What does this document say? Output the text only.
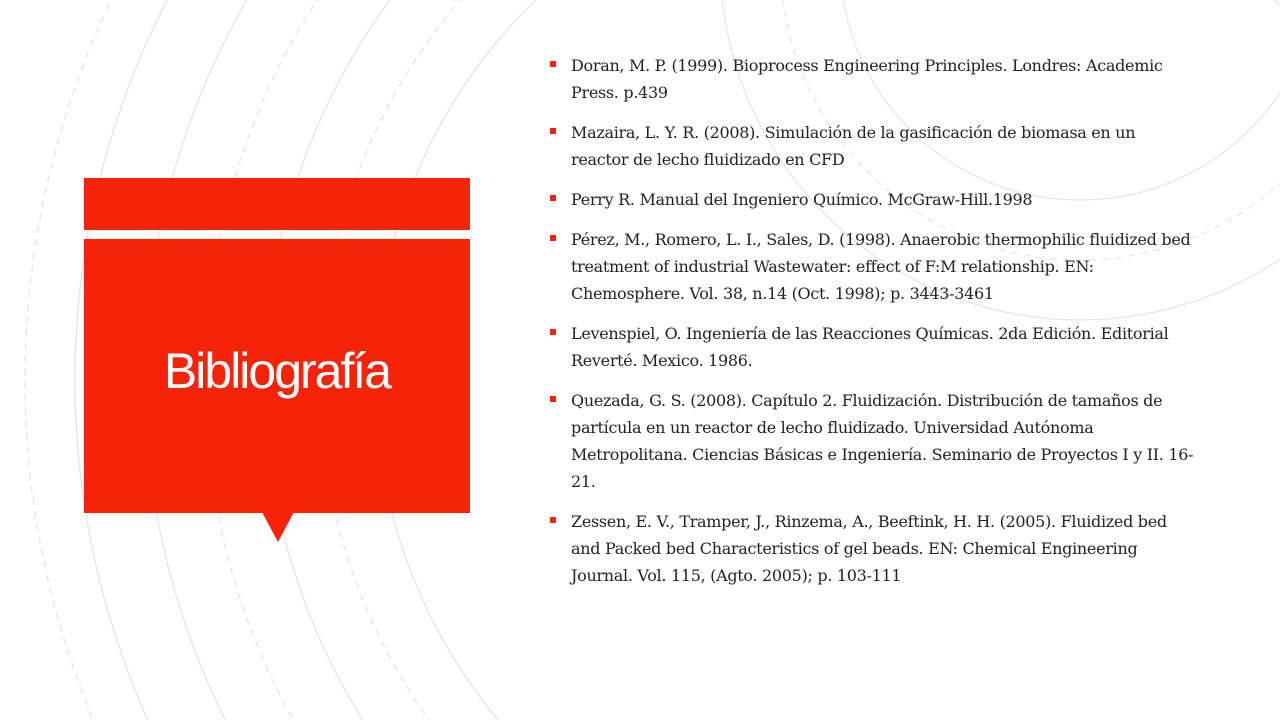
Bibliografía
Doran, M. P. (1999). Bioprocess Engineering Principles. Londres: Academic Press. p.439
Mazaira, L. Y. R. (2008). Simulación de la gasificación de biomasa en un reactor de lecho fluidizado en CFD
Perry R. Manual del Ingeniero Químico. McGraw-Hill.1998
Pérez, M., Romero, L. I., Sales, D. (1998). Anaerobic thermophilic fluidized bed treatment of industrial Wastewater: effect of F:M relationship. EN: Chemosphere. Vol. 38, n.14 (Oct. 1998); p. 3443-3461
Levenspiel, O. Ingeniería de las Reacciones Químicas. 2da Edición. Editorial Reverté. Mexico. 1986.
Quezada, G. S. (2008). Capítulo 2. Fluidización. Distribución de tamaños de partícula en un reactor de lecho fluidizado. Universidad Autónoma Metropolitana. Ciencias Básicas e Ingeniería. Seminario de Proyectos I y II. 16-21.
Zessen, E. V., Tramper, J., Rinzema, A., Beeftink, H. H. (2005). Fluidized bed and Packed bed Characteristics of gel beads. EN: Chemical Engineering Journal. Vol. 115, (Agto. 2005); p. 103-111
